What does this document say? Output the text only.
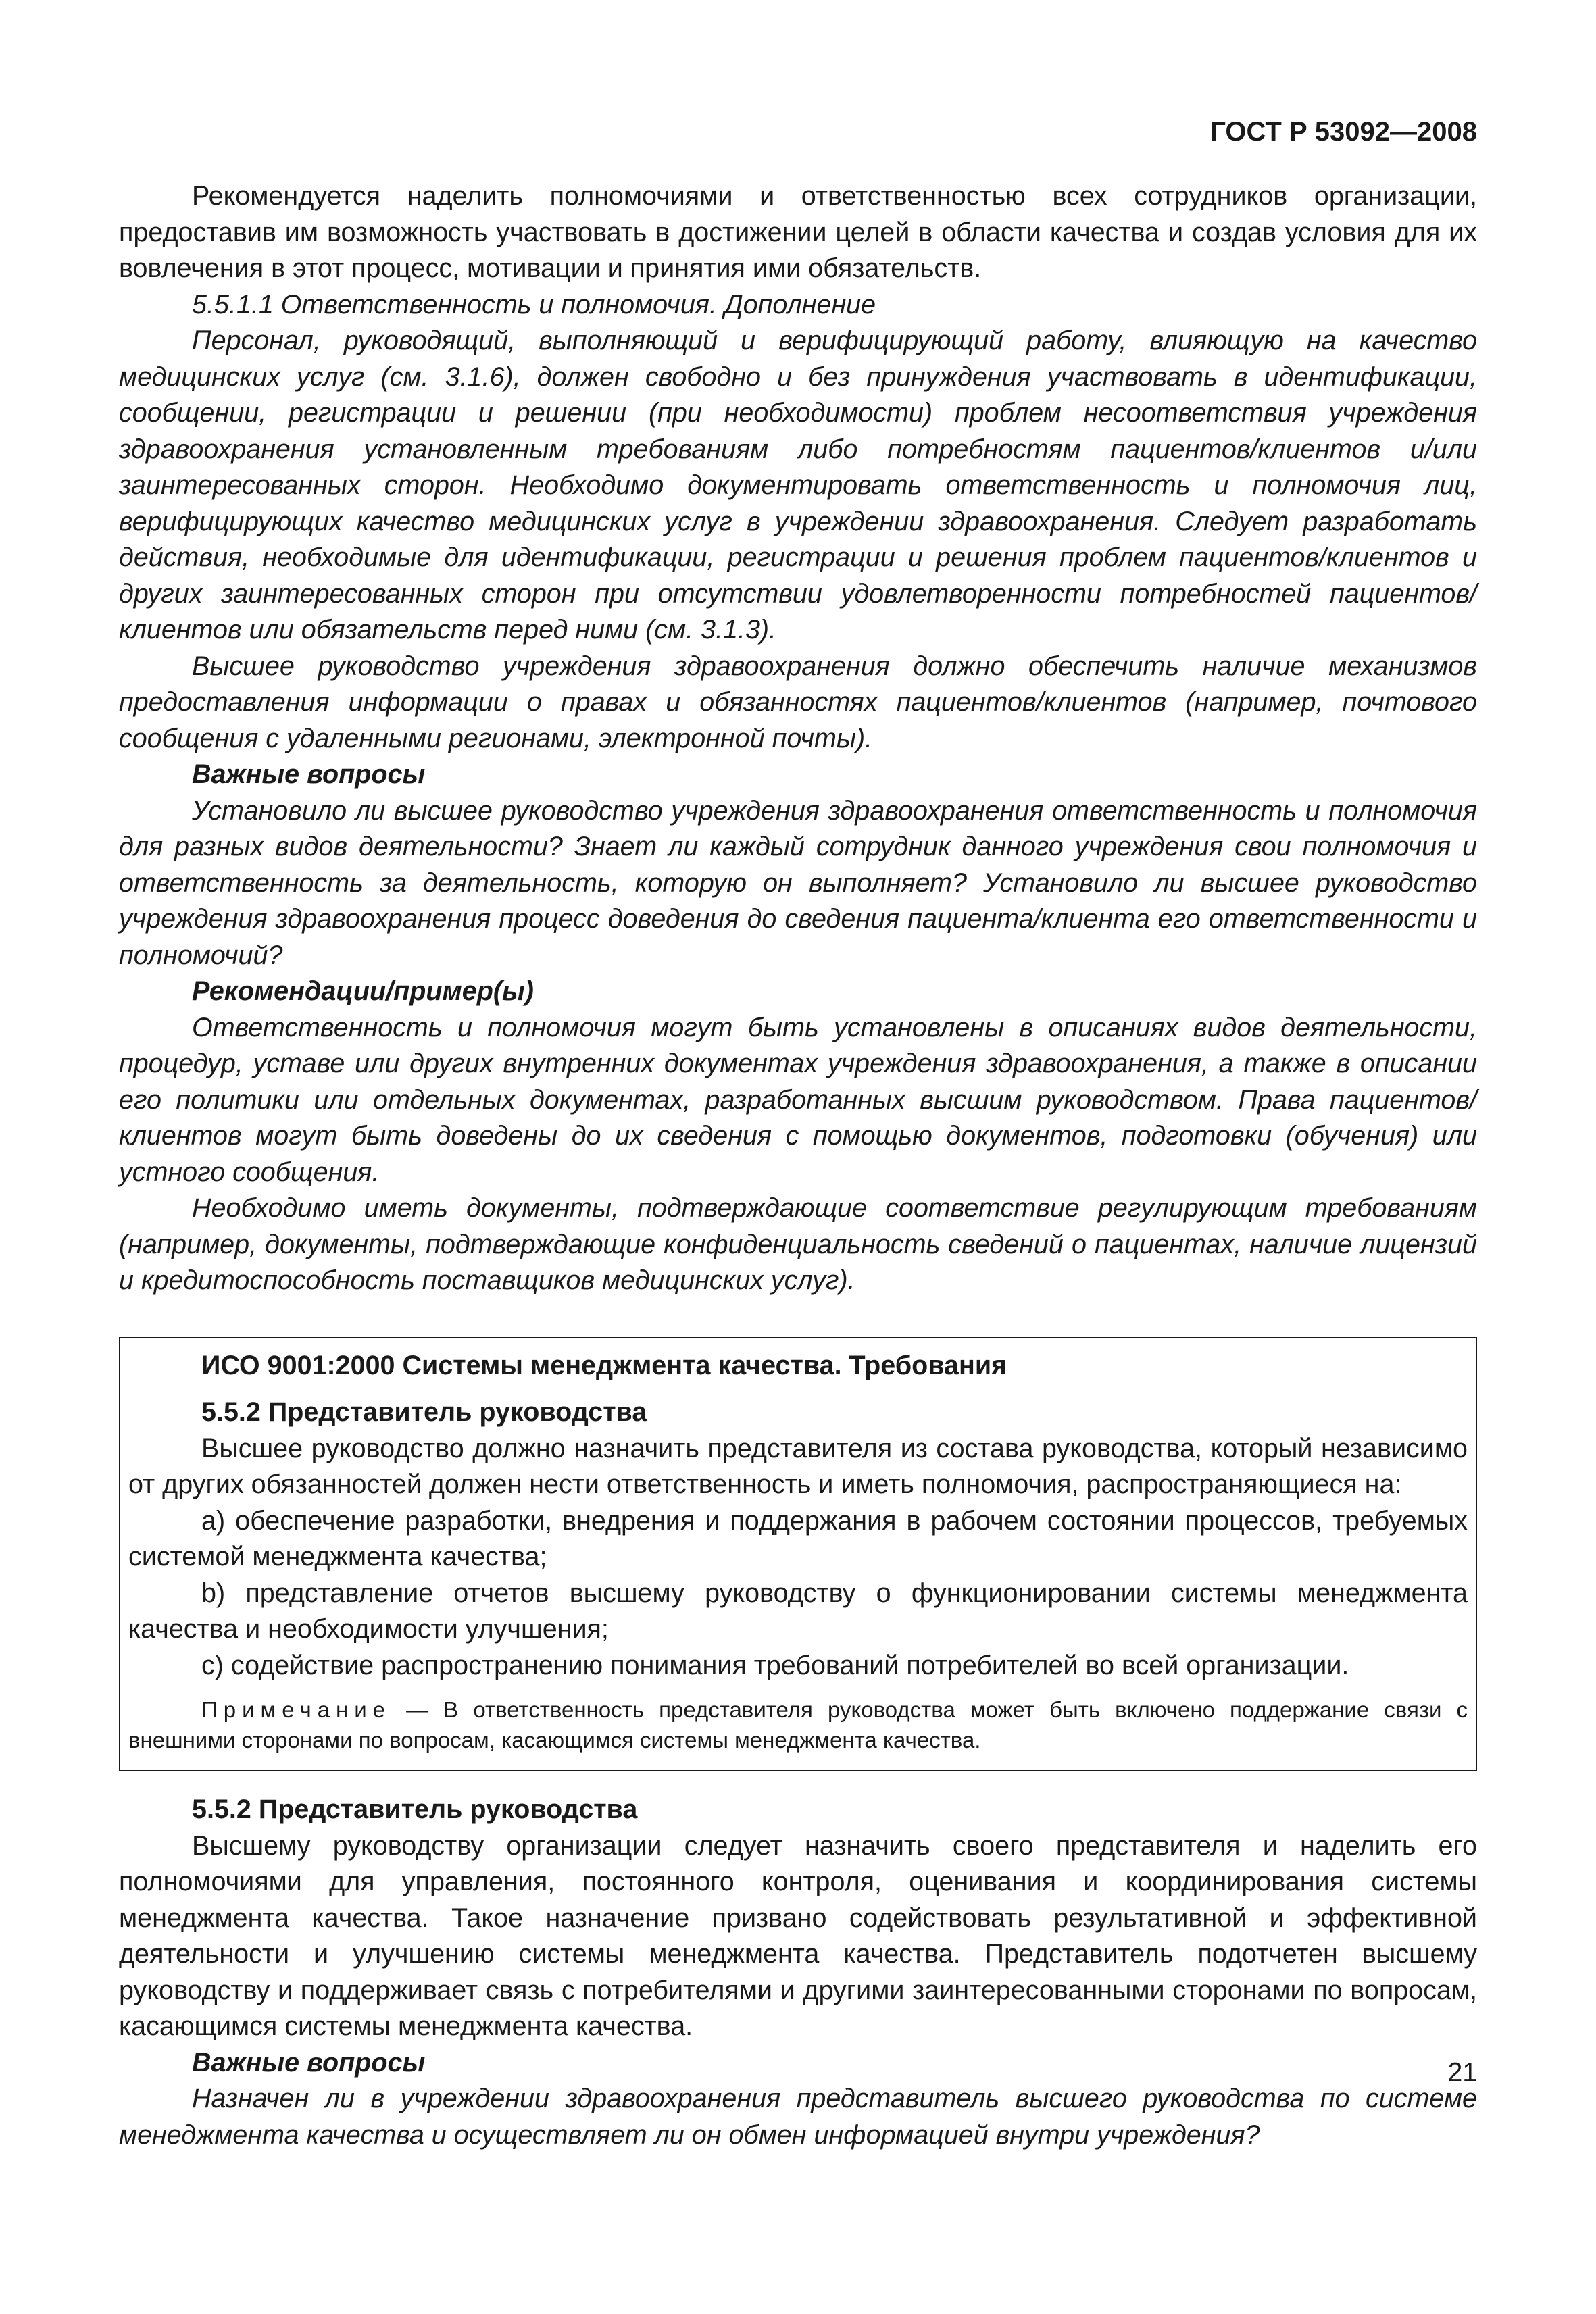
ГОСТ Р 53092—2008

Рекомендуется наделить полномочиями и ответственностью всех сотрудников организации, предоставив им возможность участвовать в достижении целей в области качества и создав условия для их вовлечения в этот процесс, мотивации и принятия ими обязательств.

5.5.1.1 Ответственность и полномочия. Дополнение

Персонал, руководящий, выполняющий и верифицирующий работу, влияющую на качество медицинских услуг (см. 3.1.6), должен свободно и без принуждения участвовать в идентификации, сообщении, регистрации и решении (при необходимости) проблем несоответствия учреждения здравоохранения установленным требованиям либо потребностям пациентов/клиентов и/или заинтересованных сторон. Необходимо документировать ответственность и полномочия лиц, верифицирующих качество медицинских услуг в учреждении здравоохранения. Следует разработать действия, необходимые для идентификации, регистрации и решения проблем пациентов/клиентов и других заинтересованных сторон при отсутствии удовлетворенности потребностей пациентов/клиентов или обязательств перед ними (см. 3.1.3).

Высшее руководство учреждения здравоохранения должно обеспечить наличие механизмов предоставления информации о правах и обязанностях пациентов/клиентов (например, почтового сообщения с удаленными регионами, электронной почты).

Важные вопросы

Установило ли высшее руководство учреждения здравоохранения ответственность и полномочия для разных видов деятельности? Знает ли каждый сотрудник данного учреждения свои полномочия и ответственность за деятельность, которую он выполняет? Установило ли высшее руководство учреждения здравоохранения процесс доведения до сведения пациента/клиента его ответственности и полномочий?

Рекомендации/пример(ы)

Ответственность и полномочия могут быть установлены в описаниях видов деятельности, процедур, уставе или других внутренних документах учреждения здравоохранения, а также в описании его политики или отдельных документах, разработанных высшим руководством. Права пациентов/клиентов могут быть доведены до их сведения с помощью документов, подготовки (обучения) или устного сообщения.

Необходимо иметь документы, подтверждающие соответствие регулирующим требованиям (например, документы, подтверждающие конфиденциальность сведений о пациентах, наличие лицензий и кредитоспособность поставщиков медицинских услуг).

ИСО 9001:2000 Системы менеджмента качества. Требования

5.5.2 Представитель руководства

Высшее руководство должно назначить представителя из состава руководства, который независимо от других обязанностей должен нести ответственность и иметь полномочия, распространяющиеся на:

a) обеспечение разработки, внедрения и поддержания в рабочем состоянии процессов, требуемых системой менеджмента качества;

b) представление отчетов высшему руководству о функционировании системы менеджмента качества и необходимости улучшения;

c) содействие распространению понимания требований потребителей во всей организации.

Примечание — В ответственность представителя руководства может быть включено поддержание связи с внешними сторонами по вопросам, касающимся системы менеджмента качества.

5.5.2 Представитель руководства

Высшему руководству организации следует назначить своего представителя и наделить его полномочиями для управления, постоянного контроля, оценивания и координирования системы менеджмента качества. Такое назначение призвано содействовать результативной и эффективной деятельности и улучшению системы менеджмента качества. Представитель подотчетен высшему руководству и поддерживает связь с потребителями и другими заинтересованными сторонами по вопросам, касающимся системы менеджмента качества.

Важные вопросы

Назначен ли в учреждении здравоохранения представитель высшего руководства по системе менеджмента качества и осуществляет ли он обмен информацией внутри учреждения?

21
